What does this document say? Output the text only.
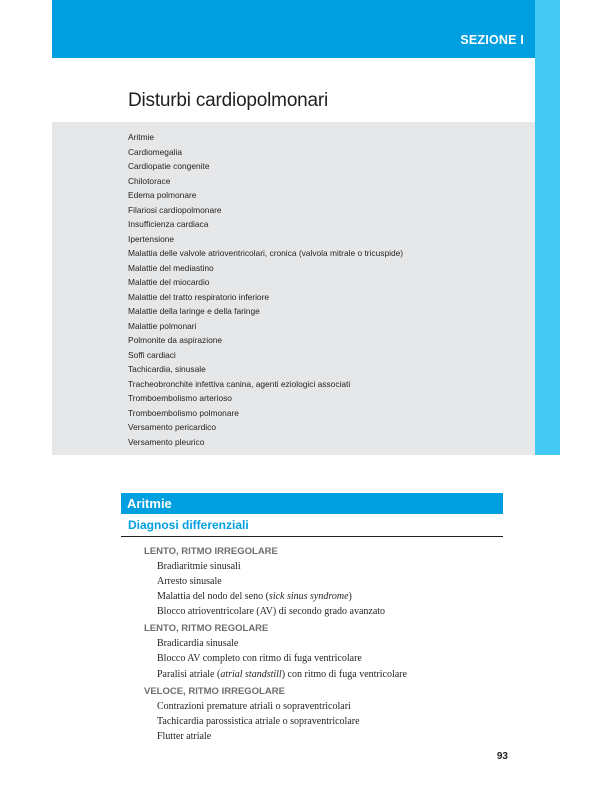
SEZIONE I
Disturbi cardiopolmonari
Aritmie
Cardiomegalia
Cardiopatie congenite
Chilotorace
Edema polmonare
Filariosi cardiopolmonare
Insufficienza cardiaca
Ipertensione
Malattia delle valvole atrioventricolari, cronica (valvola mitrale o tricuspide)
Malattie del mediastino
Malattie del miocardio
Malattie del tratto respiratorio inferiore
Malattie della laringe e della faringe
Malattie polmonari
Polmonite da aspirazione
Soffi cardiaci
Tachicardia, sinusale
Tracheobronchite infettiva canina, agenti eziologici associati
Tromboembolismo arterioso
Tromboembolismo polmonare
Versamento pericardico
Versamento pleurico
Aritmie
Diagnosi differenziali
LENTO, RITMO IRREGOLARE
Bradiaritmie sinusali
Arresto sinusale
Malattia del nodo del seno (sick sinus syndrome)
Blocco atrioventricolare (AV) di secondo grado avanzato
LENTO, RITMO REGOLARE
Bradicardia sinusale
Blocco AV completo con ritmo di fuga ventricolare
Paralisi atriale (atrial standstill) con ritmo di fuga ventricolare
VELOCE, RITMO IRREGOLARE
Contrazioni premature atriali o sopraventricolari
Tachicardia parossistica atriale o sopraventricolare
Flutter atriale
93
